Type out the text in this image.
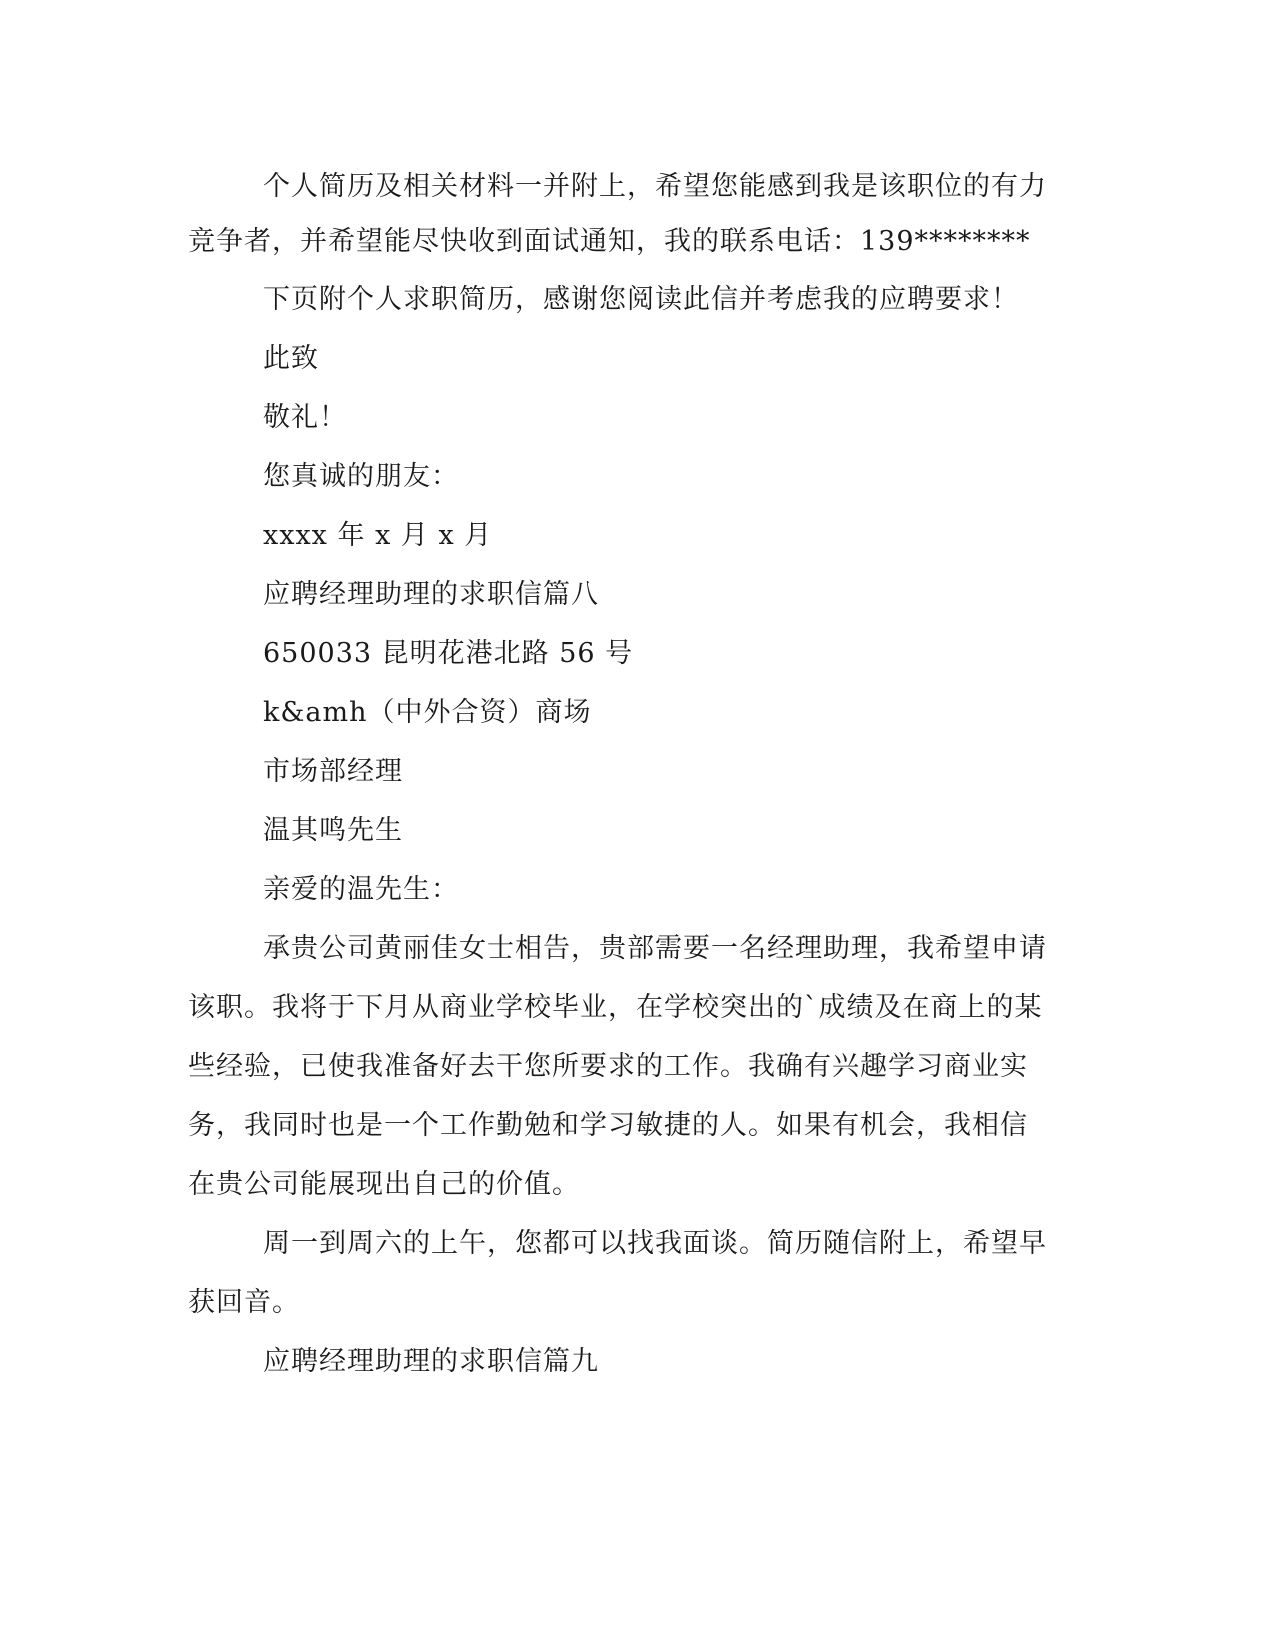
个人简历及相关材料一并附上，希望您能感到我是该职位的有力
竞争者，并希望能尽快收到面试通知，我的联系电话：139********
下页附个人求职简历，感谢您阅读此信并考虑我的应聘要求！
此致
敬礼！
您真诚的朋友：
xxxx 年 x 月 x 月
应聘经理助理的求职信篇八
650033 昆明花港北路 56 号
k&amh（中外合资）商场
市场部经理
温其鸣先生
亲爱的温先生：
承贵公司黄丽佳女士相告，贵部需要一名经理助理，我希望申请
该职。我将于下月从商业学校毕业，在学校突出的`成绩及在商上的某
些经验，已使我准备好去干您所要求的工作。我确有兴趣学习商业实
务，我同时也是一个工作勤勉和学习敏捷的人。如果有机会，我相信
在贵公司能展现出自己的价值。
周一到周六的上午，您都可以找我面谈。简历随信附上，希望早
获回音。
应聘经理助理的求职信篇九
